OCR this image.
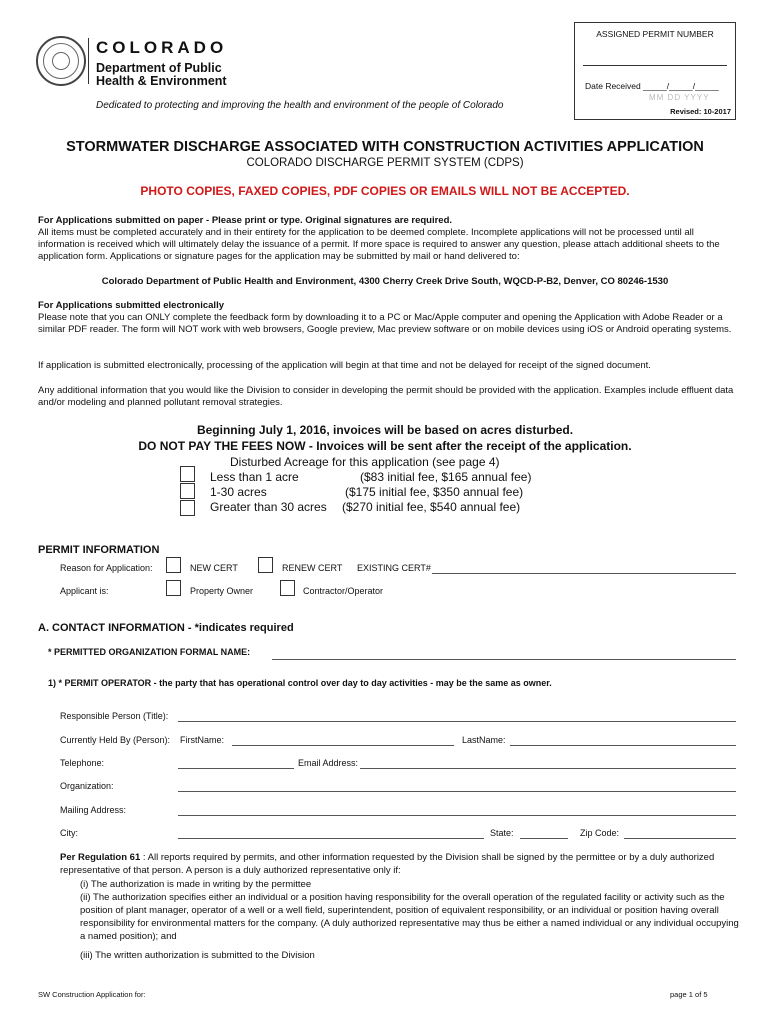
COLORADO
Department of Public
Health & Environment
Dedicated to protecting and improving the health and environment of the people of Colorado
ASSIGNED PERMIT NUMBER
Date Received _____/_____/_____
MM DD YYYY
Revised: 10-2017
STORMWATER DISCHARGE ASSOCIATED WITH CONSTRUCTION ACTIVITIES APPLICATION
COLORADO DISCHARGE PERMIT SYSTEM (CDPS)
PHOTO COPIES, FAXED COPIES, PDF COPIES OR EMAILS WILL NOT BE ACCEPTED.
For Applications submitted on paper - Please print or type. Original signatures are required.
All items must be completed accurately and in their entirety for the application to be deemed complete. Incomplete applications will not be processed until all information is received which will ultimately delay the issuance of a permit. If more space is required to answer any question, please attach additional sheets to the application form. Applications or signature pages for the application may be submitted by mail or hand delivered to:
Colorado Department of Public Health and Environment, 4300 Cherry Creek Drive South, WQCD-P-B2, Denver, CO 80246-1530
For Applications submitted electronically
Please note that you can ONLY complete the feedback form by downloading it to a PC or Mac/Apple computer and opening the Application with Adobe Reader or a similar PDF reader. The form will NOT work with web browsers, Google preview, Mac preview software or on mobile devices using iOS or Android operating systems.
If application is submitted electronically, processing of the application will begin at that time and not be delayed for receipt of the signed document.
Any additional information that you would like the Division to consider in developing the permit should be provided with the application. Examples include effluent data and/or modeling and planned pollutant removal strategies.
Beginning July 1, 2016, invoices will be based on acres disturbed.
DO NOT PAY THE FEES NOW - Invoices will be sent after the receipt of the application.
Disturbed Acreage for this application (see page 4)
Less than 1 acre	($83 initial fee, $165 annual fee)
1-30 acres	($175 initial fee, $350 annual fee)
Greater than 30 acres ($270 initial fee, $540 annual fee)
PERMIT INFORMATION
Reason for Application:	NEW CERT	RENEW CERT EXISTING CERT#
Applicant is:	Property Owner	Contractor/Operator
A. CONTACT INFORMATION - *indicates required
* PERMITTED ORGANIZATION FORMAL NAME:
1) * PERMIT OPERATOR - the party that has operational control over day to day activities - may be the same as owner.
Responsible Person (Title):
Currently Held By (Person): FirstName:	LastName:
Telephone:	Email Address:
Organization:
Mailing Address:
City:	State:	Zip Code:
Per Regulation 61 : All reports required by permits, and other information requested by the Division shall be signed by the permittee or by a duly authorized representative of that person. A person is a duly authorized representative only if:
(i) The authorization is made in writing by the permittee
(ii) The authorization specifies either an individual or a position having responsibility for the overall operation of the regulated facility or activity such as the position of plant manager, operator of a well or a well field, superintendent, position of equivalent responsibility, or an individual or position having overall responsibility for environmental matters for the company. (A duly authorized representative may thus be either a named individual or any individual occupying a named position); and
(iii) The written authorization is submitted to the Division
SW Construction Application for:	page 1 of 5
